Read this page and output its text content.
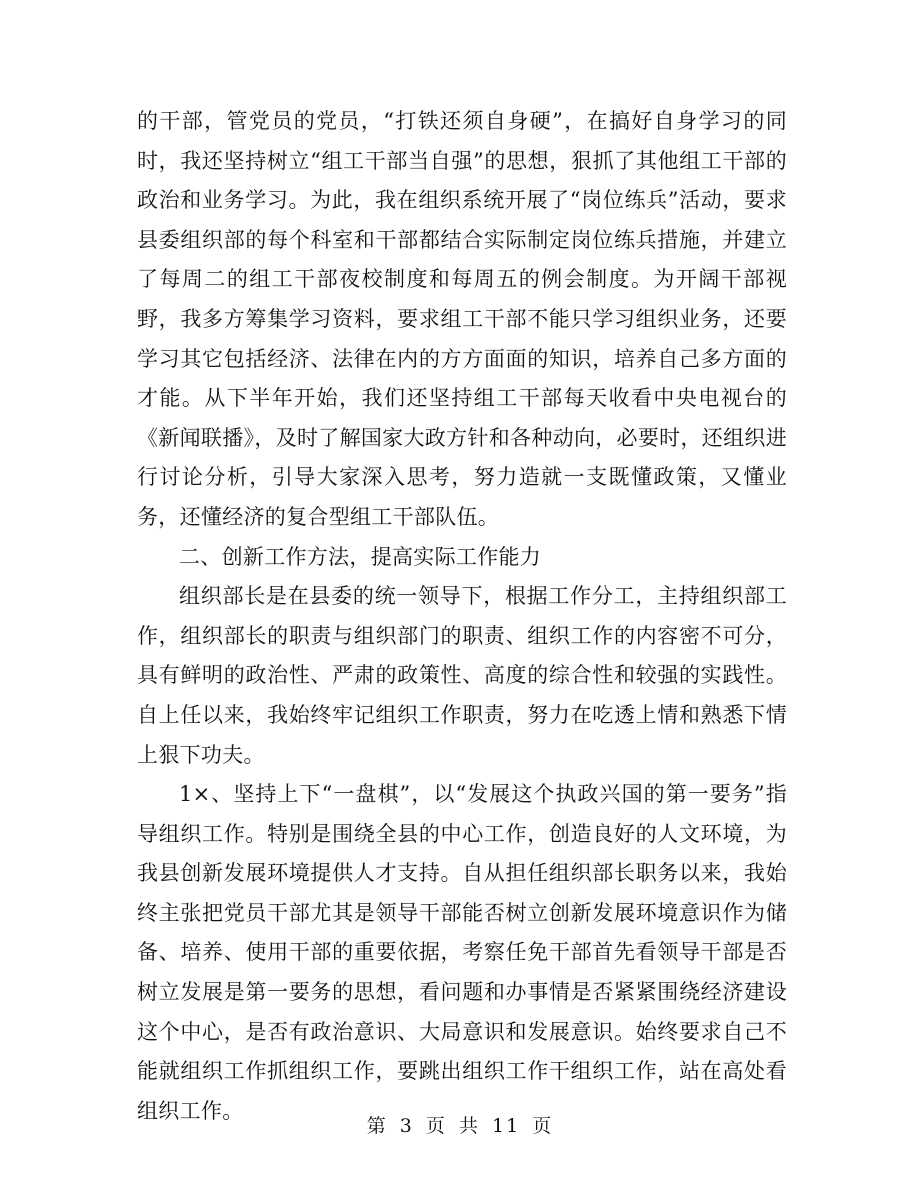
的干部，管党员的党员，“打铁还须自身硬”，在搞好自身学习的同时，我还坚持树立“组工干部当自强”的思想，狠抓了其他组工干部的政治和业务学习。为此，我在组织系统开展了“岗位练兵”活动，要求县委组织部的每个科室和干部都结合实际制定岗位练兵措施，并建立了每周二的组工干部夜校制度和每周五的例会制度。为开阔干部视野，我多方筹集学习资料，要求组工干部不能只学习组织业务，还要学习其它包括经济、法律在内的方方面面的知识，培养自己多方面的才能。从下半年开始，我们还坚持组工干部每天收看中央电视台的《新闻联播》，及时了解国家大政方针和各种动向，必要时，还组织进行讨论分析，引导大家深入思考，努力造就一支既懂政策，又懂业务，还懂经济的复合型组工干部队伍。

二、创新工作方法，提高实际工作能力

组织部长是在县委的统一领导下，根据工作分工，主持组织部工作，组织部长的职责与组织部门的职责、组织工作的内容密不可分，具有鲜明的政治性、严肃的政策性、高度的综合性和较强的实践性。自上任以来，我始终牢记组织工作职责，努力在吃透上情和熟悉下情上狠下功夫。

1×、坚持上下“一盘棋”，以“发展这个执政兴国的第一要务”指导组织工作。特别是围绕全县的中心工作，创造良好的人文环境，为我县创新发展环境提供人才支持。自从担任组织部长职务以来，我始终主张把党员干部尤其是领导干部能否树立创新发展环境意识作为储备、培养、使用干部的重要依据，考察任免干部首先看领导干部是否树立发展是第一要务的思想，看问题和办事情是否紧紧围绕经济建设这个中心，是否有政治意识、大局意识和发展意识。始终要求自己不能就组织工作抓组织工作，要跳出组织工作干组织工作，站在高处看组织工作。

第 3 页 共 11 页
